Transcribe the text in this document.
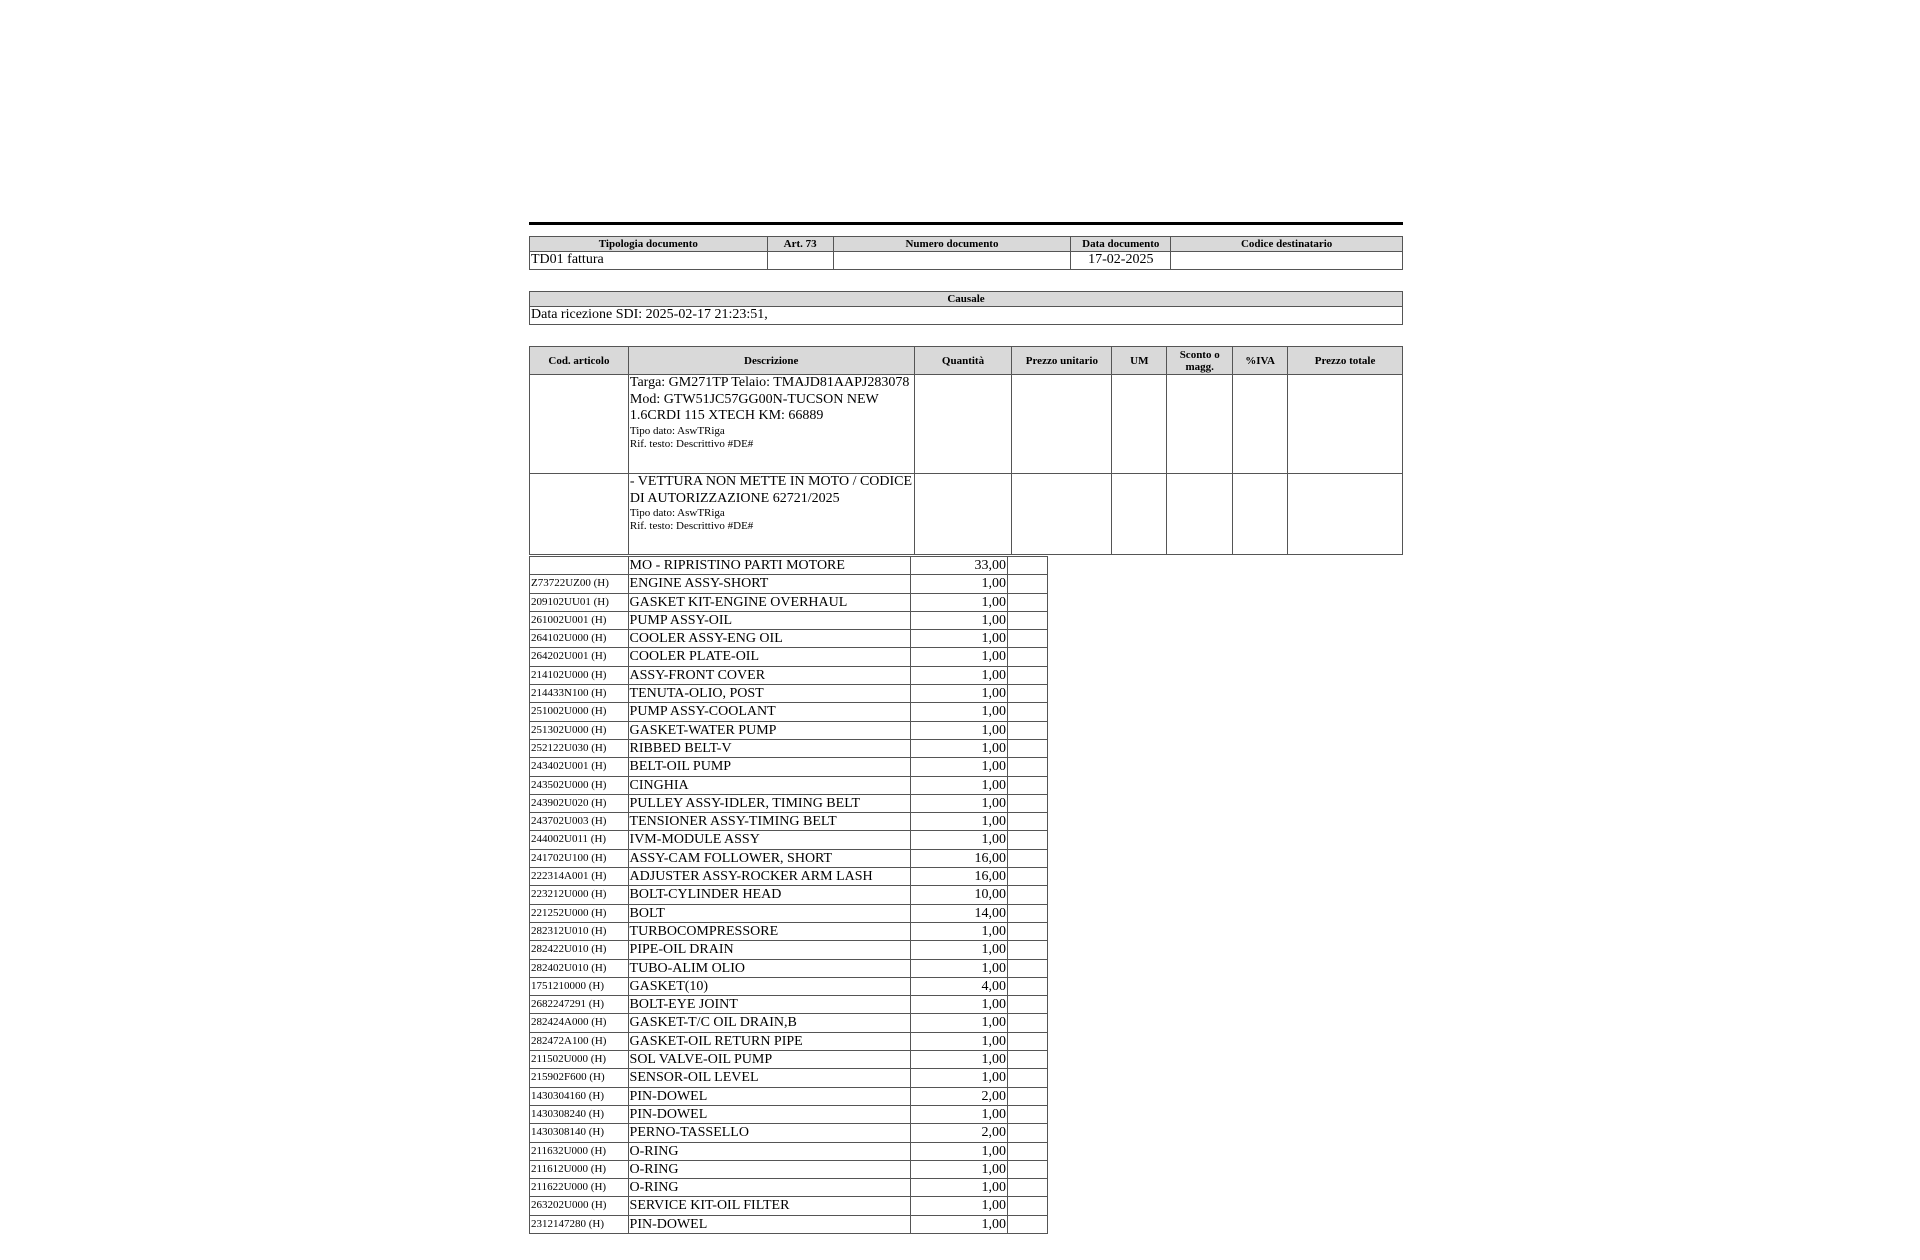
Tipologia documento	Art. 73	Numero documento	Data documento	Codice destinatario
TD01 fattura			17-02-2025	
Causale
Data ricezione SDI: 2025-02-17 21:23:51,
Cod. articolo	Descrizione	Quantità	Prezzo unitario	UM	Sconto o magg.	%IVA	Prezzo totale

	Targa: GM271TP Telaio: TMAJD81AAPJ283078 Mod: GTW51JC57GG00N-TUCSON NEW 1.6CRDI 115 XTECH KM: 66889
Tipo dato: AswTRiga
Rif. testo: Descrittivo #DE#						

	- VETTURA NON METTE IN MOTO / CODICE DI AUTORIZZAZIONE 62721/2025
Tipo dato: AswTRiga
Rif. testo: Descrittivo #DE#						

	MO - RIPRISTINO PARTI MOTORE	33,00	
Z73722UZ00 (H)	ENGINE ASSY-SHORT	1,00	
209102UU01 (H)	GASKET KIT-ENGINE OVERHAUL	1,00	
261002U001 (H)	PUMP ASSY-OIL	1,00	
264102U000 (H)	COOLER ASSY-ENG OIL	1,00	
264202U001 (H)	COOLER PLATE-OIL	1,00	
214102U000 (H)	ASSY-FRONT COVER	1,00	
214433N100 (H)	TENUTA-OLIO, POST	1,00	
251002U000 (H)	PUMP ASSY-COOLANT	1,00	
251302U000 (H)	GASKET-WATER PUMP	1,00	
252122U030 (H)	RIBBED BELT-V	1,00	
243402U001 (H)	BELT-OIL PUMP	1,00	
243502U000 (H)	CINGHIA	1,00	
243902U020 (H)	PULLEY ASSY-IDLER, TIMING BELT	1,00	
243702U003 (H)	TENSIONER ASSY-TIMING BELT	1,00	
244002U011 (H)	IVM-MODULE ASSY	1,00	
241702U100 (H)	ASSY-CAM FOLLOWER, SHORT	16,00	
222314A001 (H)	ADJUSTER ASSY-ROCKER ARM LASH	16,00	
223212U000 (H)	BOLT-CYLINDER HEAD	10,00	
221252U000 (H)	BOLT	14,00	
282312U010 (H)	TURBOCOMPRESSORE	1,00	
282422U010 (H)	PIPE-OIL DRAIN	1,00	
282402U010 (H)	TUBO-ALIM OLIO	1,00	
1751210000 (H)	GASKET(10)	4,00	
2682247291 (H)	BOLT-EYE JOINT	1,00	
282424A000 (H)	GASKET-T/C OIL DRAIN,B	1,00	
282472A100 (H)	GASKET-OIL RETURN PIPE	1,00	
211502U000 (H)	SOL VALVE-OIL PUMP	1,00	
215902F600 (H)	SENSOR-OIL LEVEL	1,00	
1430304160 (H)	PIN-DOWEL	2,00	
1430308240 (H)	PIN-DOWEL	1,00	
1430308140 (H)	PERNO-TASSELLO	2,00	
211632U000 (H)	O-RING	1,00	
211612U000 (H)	O-RING	1,00	
211622U000 (H)	O-RING	1,00	
263202U000 (H)	SERVICE KIT-OIL FILTER	1,00	
2312147280 (H)	PIN-DOWEL	1,00	
